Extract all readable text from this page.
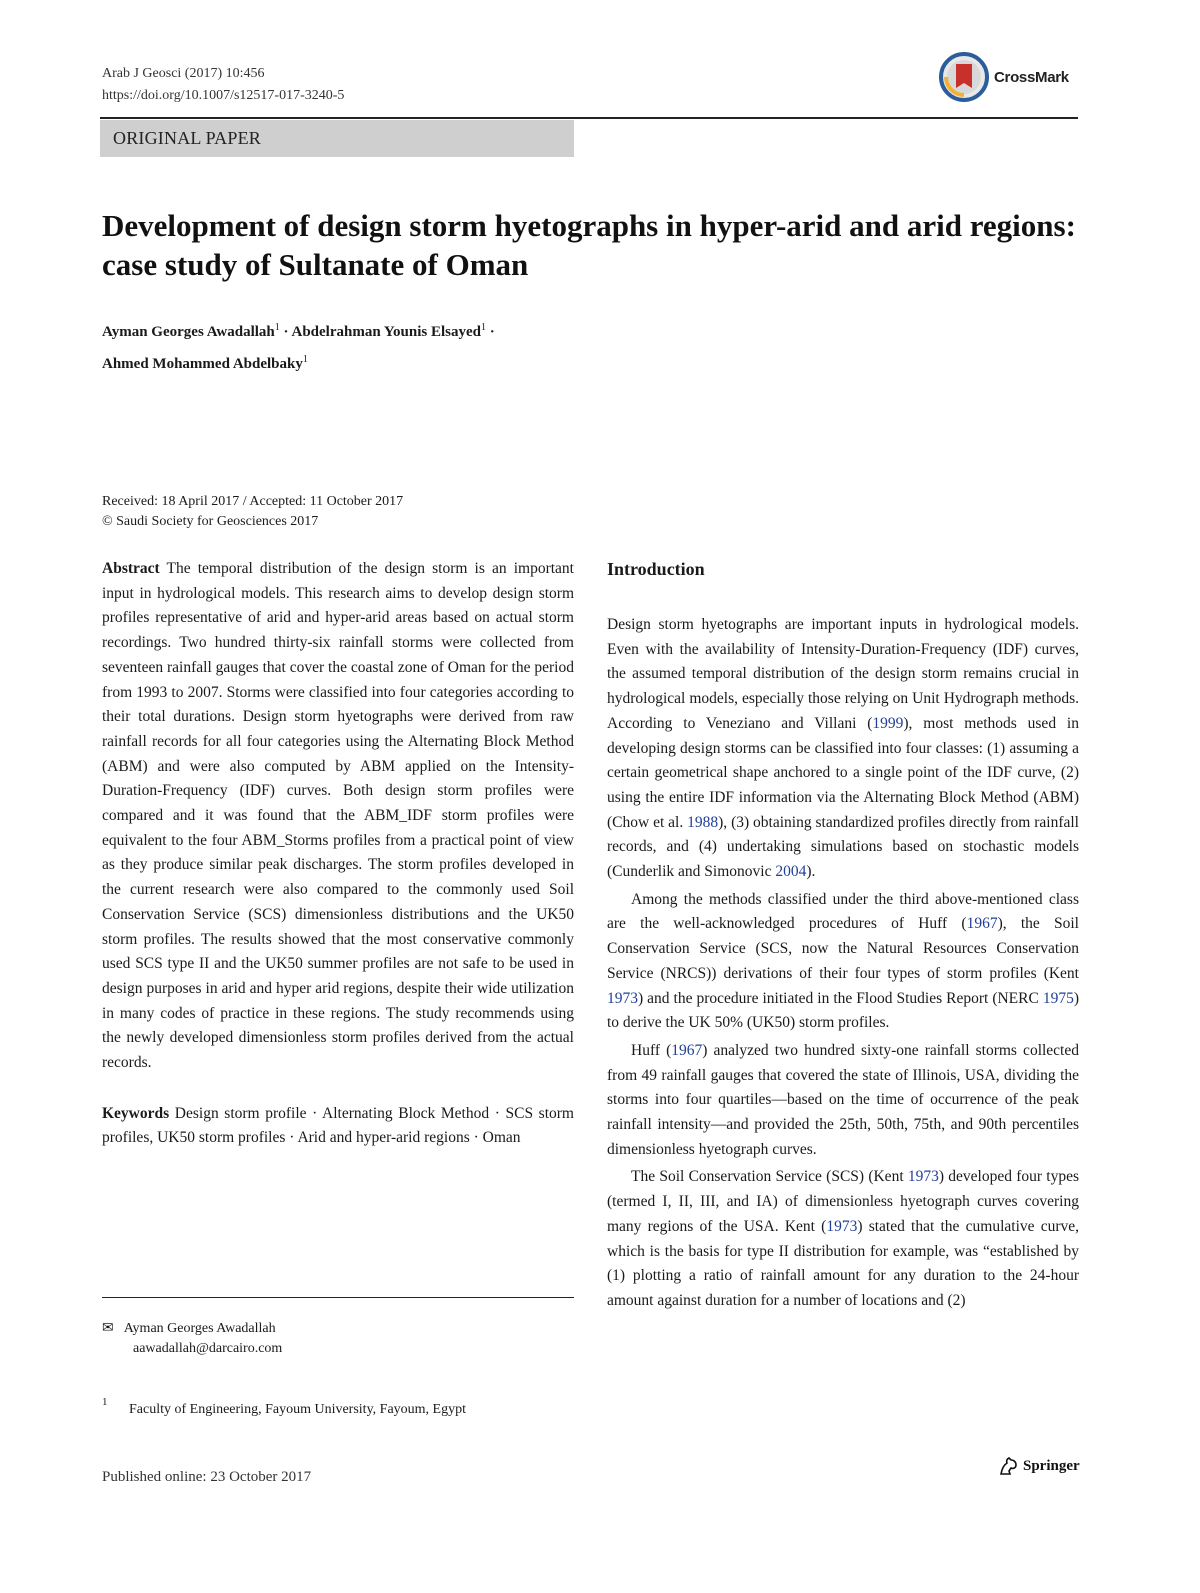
Arab J Geosci (2017) 10:456
https://doi.org/10.1007/s12517-017-3240-5
CrossMark
ORIGINAL PAPER
Development of design storm hyetographs in hyper-arid and arid regions: case study of Sultanate of Oman
Ayman Georges Awadallah$^1$ · Abdelrahman Younis Elsayed$^1$ ·
Ahmed Mohammed Abdelbaky$^1$
Received: 18 April 2017 / Accepted: 11 October 2017
© Saudi Society for Geosciences 2017

Abstract The temporal distribution of the design storm is an important input in hydrological models. This research aims to develop design storm profiles representative of arid and hyper-arid areas based on actual storm recordings. Two hundred thirty-six rainfall storms were collected from seventeen rainfall gauges that cover the coastal zone of Oman for the period from 1993 to 2007. Storms were classified into four categories according to their total durations. Design storm hyetographs were derived from raw rainfall records for all four categories using the Alternating Block Method (ABM) and were also computed by ABM applied on the Intensity-Duration-Frequency (IDF) curves. Both design storm profiles were compared and it was found that the ABM_IDF storm profiles were equivalent to the four ABM_Storms profiles from a practical point of view as they produce similar peak discharges. The storm profiles developed in the current research were also compared to the commonly used Soil Conservation Service (SCS) dimensionless distributions and the UK50 storm profiles. The results showed that the most conservative commonly used SCS type II and the UK50 summer profiles are not safe to be used in design purposes in arid and hyper arid regions, despite their wide utilization in many codes of practice in these regions. The study recommends using the newly developed dimensionless storm profiles derived from the actual records.

Keywords Design storm profile · Alternating Block Method · SCS storm profiles, UK50 storm profiles · Arid and hyper-arid regions · Oman

✉ Ayman Georges Awadallah
aawadallah@darcairo.com
1 Faculty of Engineering, Fayoum University, Fayoum, Egypt
Introduction

Design storm hyetographs are important inputs in hydrological models. Even with the availability of Intensity-Duration-Frequency (IDF) curves, the assumed temporal distribution of the design storm remains crucial in hydrological models, especially those relying on Unit Hydrograph methods. According to Veneziano and Villani (1999), most methods used in developing design storms can be classified into four classes: (1) assuming a certain geometrical shape anchored to a single point of the IDF curve, (2) using the entire IDF information via the Alternating Block Method (ABM) (Chow et al. 1988), (3) obtaining standardized profiles directly from rainfall records, and (4) undertaking simulations based on stochastic models (Cunderlik and Simonovic 2004).

Among the methods classified under the third above-mentioned class are the well-acknowledged procedures of Huff (1967), the Soil Conservation Service (SCS, now the Natural Resources Conservation Service (NRCS)) derivations of their four types of storm profiles (Kent 1973) and the procedure initiated in the Flood Studies Report (NERC 1975) to derive the UK 50% (UK50) storm profiles.

Huff (1967) analyzed two hundred sixty-one rainfall storms collected from 49 rainfall gauges that covered the state of Illinois, USA, dividing the storms into four quartiles—based on the time of occurrence of the peak rainfall intensity—and provided the 25th, 50th, 75th, and 90th percentiles dimensionless hyetograph curves.

The Soil Conservation Service (SCS) (Kent 1973) developed four types (termed I, II, III, and IA) of dimensionless hyetograph curves covering many regions of the USA. Kent (1973) stated that the cumulative curve, which is the basis for type II distribution for example, was “established by (1) plotting a ratio of rainfall amount for any duration to the 24-hour amount against duration for a number of locations and (2)

Published online: 23 October 2017
Springer
